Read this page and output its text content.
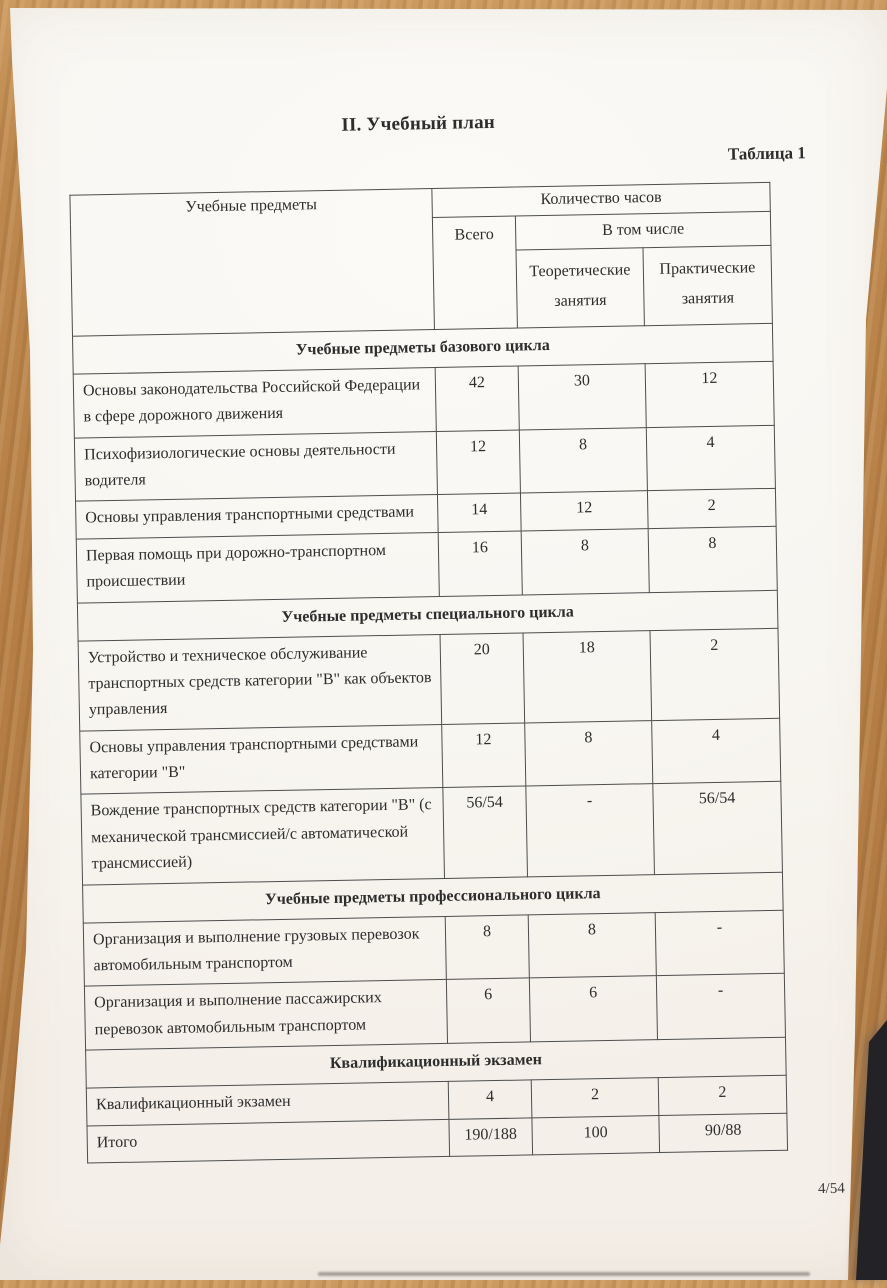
II. Учебный план
Таблица 1
Учебные предметы	Количество часов		
	Всего	В том числе	
		Теоретические занятия	Практические занятия
Учебные предметы базового цикла			
Основы законодательства Российской Федерации в сфере дорожного движения	42	30	12
Психофизиологические основы деятельности водителя	12	8	4
Основы управления транспортными средствами	14	12	2
Первая помощь при дорожно-транспортном происшествии	16	8	8
Учебные предметы специального цикла			
Устройство и техническое обслуживание транспортных средств категории "В" как объектов управления	20	18	2
Основы управления транспортными средствами категории "В"	12	8	4
Вождение транспортных средств категории "В" (с механической трансмиссией/с автоматической трансмиссией)	56/54	-	56/54
Учебные предметы профессионального цикла			
Организация и выполнение грузовых перевозок автомобильным транспортом	8	8	-
Организация и выполнение пассажирских перевозок автомобильным транспортом	6	6	-
Квалификационный экзамен			
Квалификационный экзамен	4	2	2
Итого	190/188	100	90/88
4/54
